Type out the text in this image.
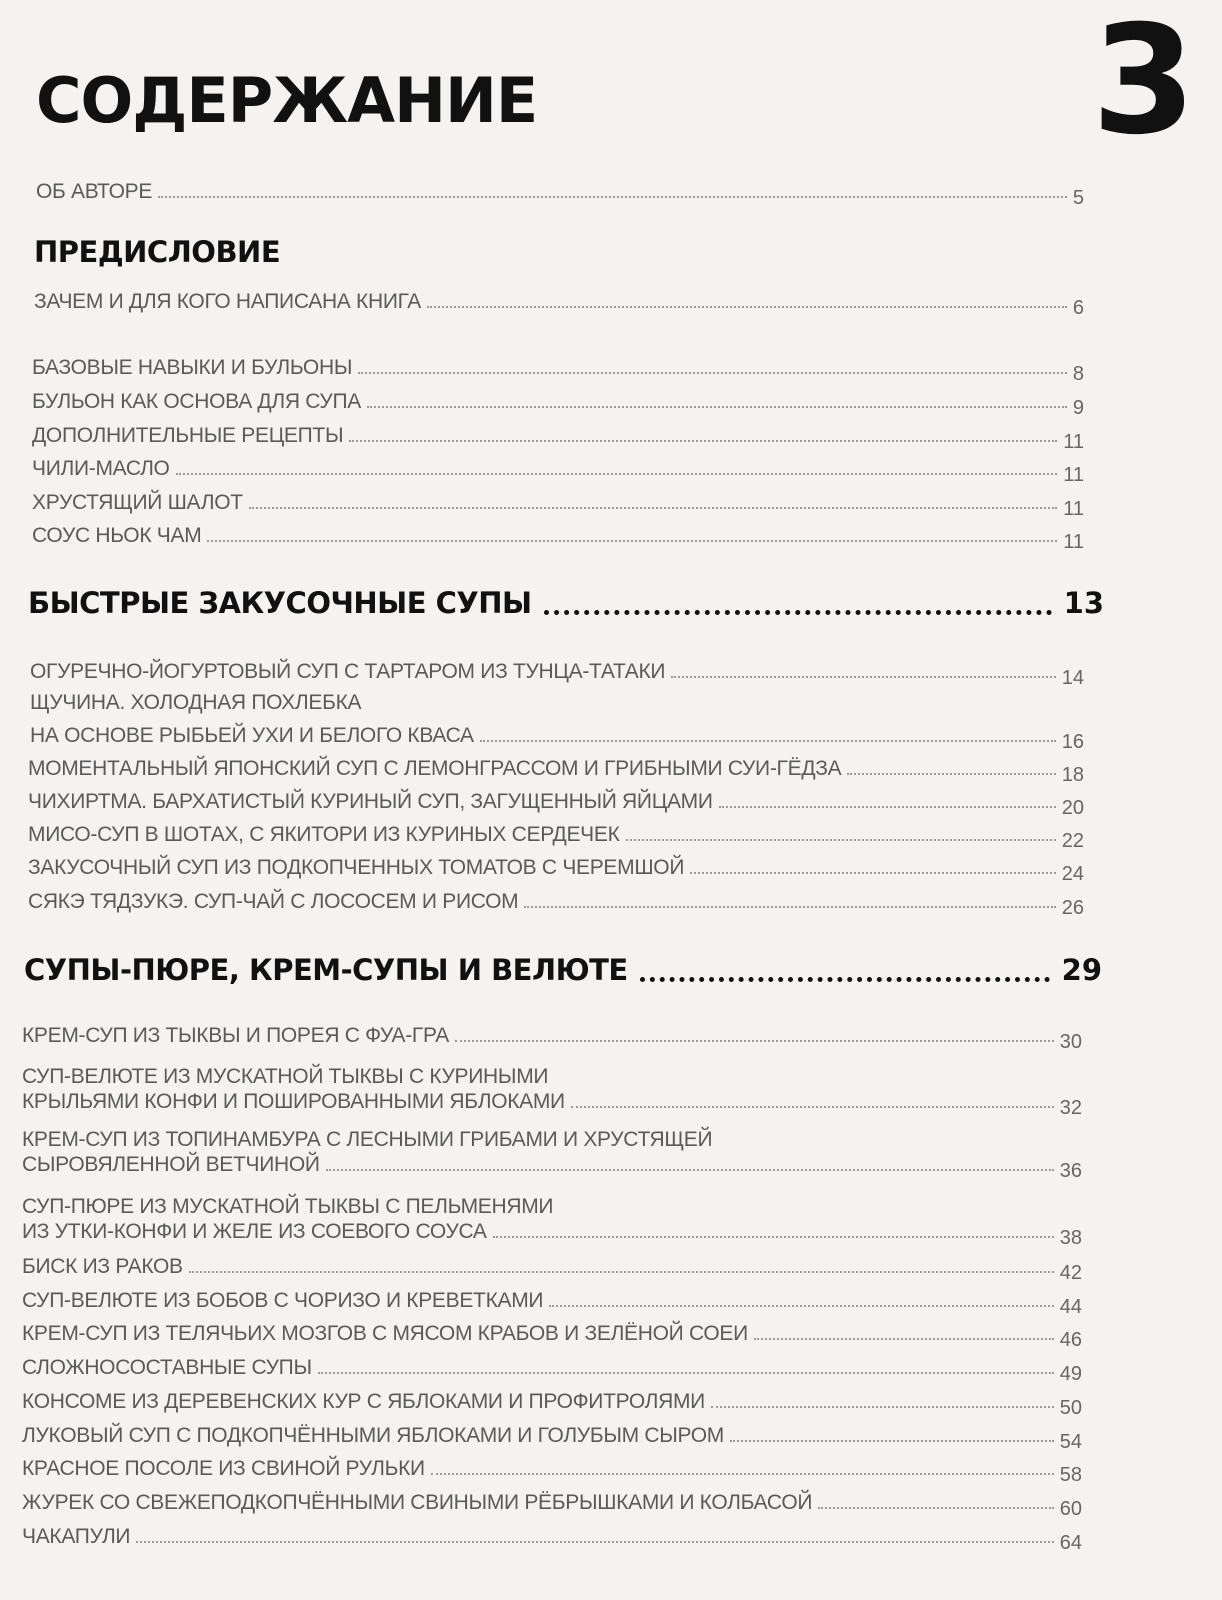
3
СОДЕРЖАНИЕ
ОБ АВТОРЕ	5
ПРЕДИСЛОВИЕ
ЗАЧЕМ И ДЛЯ КОГО НАПИСАНА КНИГА	6
БАЗОВЫЕ НАВЫКИ И БУЛЬОНЫ	8
БУЛЬОН КАК ОСНОВА ДЛЯ СУПА	9
ДОПОЛНИТЕЛЬНЫЕ РЕЦЕПТЫ	11
ЧИЛИ-МАСЛО	11
ХРУСТЯЩИЙ ШАЛОТ	11
СОУС НЬОК ЧАМ	11
БЫСТРЫЕ ЗАКУСОЧНЫЕ СУПЫ	13
ОГУРЕЧНО-ЙОГУРТОВЫЙ СУП С ТАРТАРОМ ИЗ ТУНЦА-ТАТАКИ	14
ЩУЧИНА. ХОЛОДНАЯ ПОХЛЕБКА
НА ОСНОВЕ РЫБЬЕЙ УХИ И БЕЛОГО КВАСА	16
МОМЕНТАЛЬНЫЙ ЯПОНСКИЙ СУП С ЛЕМОНГРАССОМ И ГРИБНЫМИ СУИ-ГЁДЗА	18
ЧИХИРТМА. БАРХАТИСТЫЙ КУРИНЫЙ СУП, ЗАГУЩЕННЫЙ ЯЙЦАМИ	20
МИСО-СУП В ШОТАХ, С ЯКИТОРИ ИЗ КУРИНЫХ СЕРДЕЧЕК	22
ЗАКУСОЧНЫЙ СУП ИЗ ПОДКОПЧЕННЫХ ТОМАТОВ С ЧЕРЕМШОЙ	24
СЯКЭ ТЯДЗУКЭ. СУП-ЧАЙ С ЛОСОСЕМ И РИСОМ	26
СУПЫ-ПЮРЕ, КРЕМ-СУПЫ И ВЕЛЮТЕ	29
КРЕМ-СУП ИЗ ТЫКВЫ И ПОРЕЯ С ФУА-ГРА	30
СУП-ВЕЛЮТЕ ИЗ МУСКАТНОЙ ТЫКВЫ С КУРИНЫМИ
КРЫЛЬЯМИ КОНФИ И ПОШИРОВАННЫМИ ЯБЛОКАМИ	32
КРЕМ-СУП ИЗ ТОПИНАМБУРА С ЛЕСНЫМИ ГРИБАМИ И ХРУСТЯЩЕЙ
СЫРОВЯЛЕННОЙ ВЕТЧИНОЙ	36
СУП-ПЮРЕ ИЗ МУСКАТНОЙ ТЫКВЫ С ПЕЛЬМЕНЯМИ
ИЗ УТКИ-КОНФИ И ЖЕЛЕ ИЗ СОЕВОГО СОУСА	38
БИСК ИЗ РАКОВ	42
СУП-ВЕЛЮТЕ ИЗ БОБОВ С ЧОРИЗО И КРЕВЕТКАМИ	44
КРЕМ-СУП ИЗ ТЕЛЯЧЬИХ МОЗГОВ С МЯСОМ КРАБОВ И ЗЕЛЁНОЙ СОЕИ	46
СЛОЖНОСОСТАВНЫЕ СУПЫ	49
КОНСОМЕ ИЗ ДЕРЕВЕНСКИХ КУР С ЯБЛОКАМИ И ПРОФИТРОЛЯМИ	50
ЛУКОВЫЙ СУП С ПОДКОПЧЁННЫМИ ЯБЛОКАМИ И ГОЛУБЫМ СЫРОМ	54
КРАСНОЕ ПОСОЛЕ ИЗ СВИНОЙ РУЛЬКИ	58
ЖУРЕК СО СВЕЖЕПОДКОПЧЁННЫМИ СВИНЫМИ РЁБРЫШКАМИ И КОЛБАСОЙ	60
ЧАКАПУЛИ	64
